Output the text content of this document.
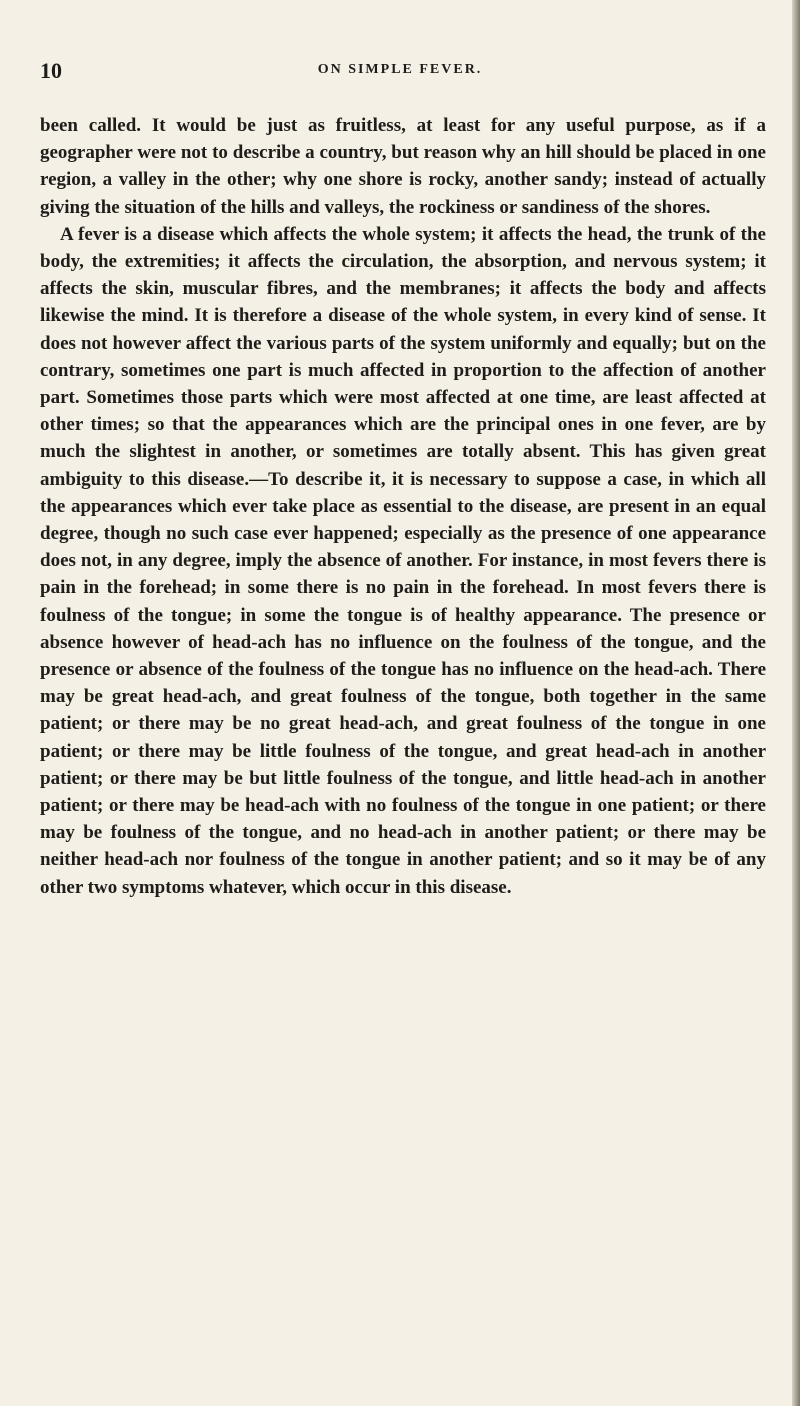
10	ON SIMPLE FEVER.

been called. It would be just as fruitless, at least for any useful purpose, as if a geographer were not to describe a country, but reason why an hill should be placed in one region, a valley in the other; why one shore is rocky, another sandy; instead of actually giving the situation of the hills and valleys, the rockiness or sandiness of the shores.

A fever is a disease which affects the whole system; it affects the head, the trunk of the body, the extremities; it affects the circulation, the absorption, and nervous system; it affects the skin, muscular fibres, and the membranes; it affects the body and affects likewise the mind. It is therefore a disease of the whole system, in every kind of sense. It does not however affect the various parts of the system uniformly and equally; but on the contrary, sometimes one part is much affected in proportion to the affection of another part. Sometimes those parts which were most affected at one time, are least affected at other times; so that the appearances which are the principal ones in one fever, are by much the slightest in another, or sometimes are totally absent. This has given great ambiguity to this disease.—To describe it, it is necessary to suppose a case, in which all the appearances which ever take place as essential to the disease, are present in an equal degree, though no such case ever happened; especially as the presence of one appearance does not, in any degree, imply the absence of another. For instance, in most fevers there is pain in the forehead; in some there is no pain in the forehead. In most fevers there is foulness of the tongue; in some the tongue is of healthy appearance. The presence or absence however of head-ach has no influence on the foulness of the tongue, and the presence or absence of the foulness of the tongue has no influence on the head-ach. There may be great head-ach, and great foulness of the tongue, both together in the same patient; or there may be no great head-ach, and great foulness of the tongue in one patient; or there may be little foulness of the tongue, and great head-ach in another patient; or there may be but little foulness of the tongue, and little head-ach in another patient; or there may be head-ach with no foulness of the tongue in one patient; or there may be foulness of the tongue, and no head-ach in another patient; or there may be neither head-ach nor foulness of the tongue in another patient; and so it may be of any other two symptoms whatever, which occur in this disease.
